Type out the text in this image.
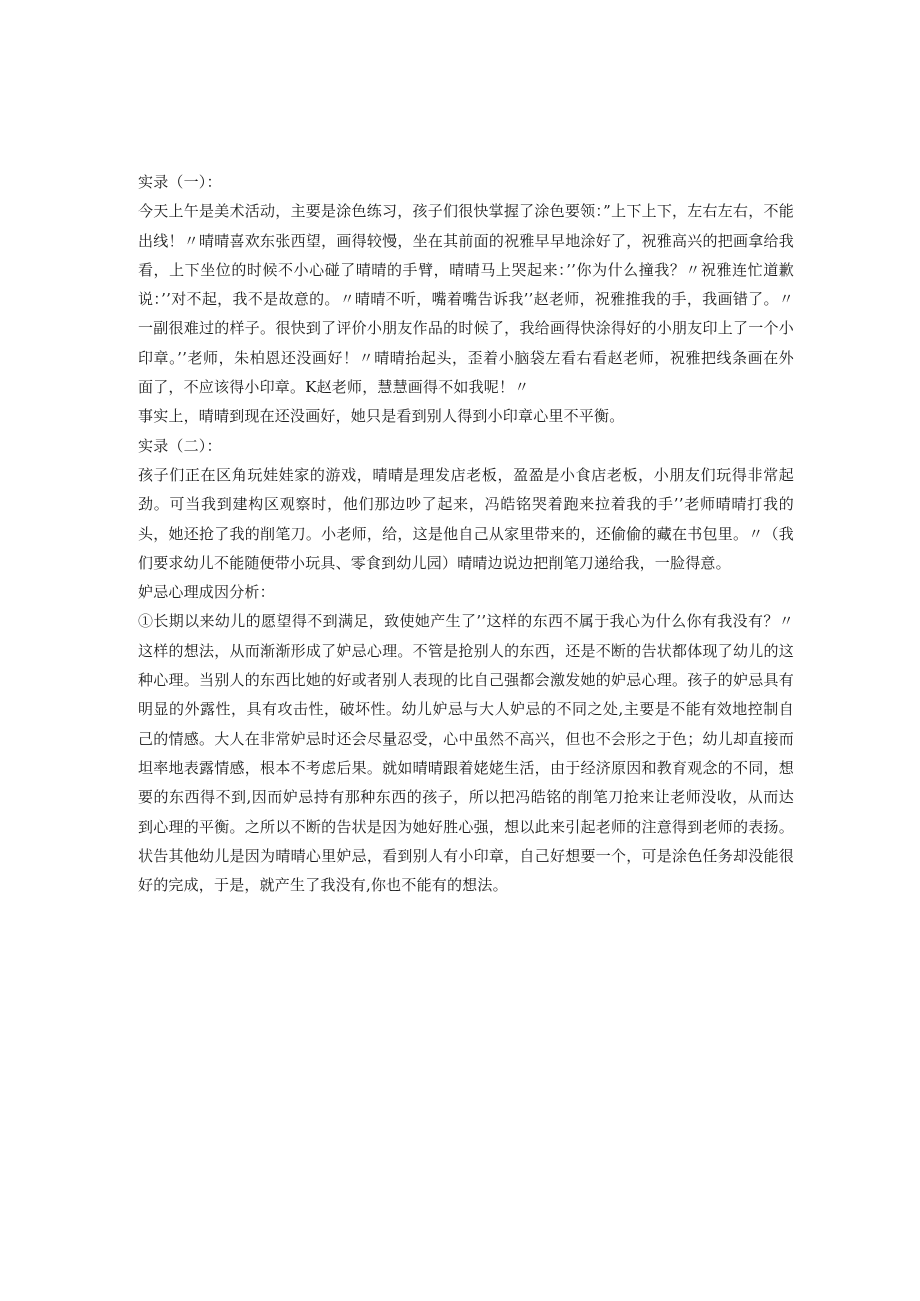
实录（一）：

今天上午是美术活动，主要是涂色练习，孩子们很快掌握了涂色要领：”上下上下，左右左右，不能出线！〃晴晴喜欢东张西望，画得较慢，坐在其前面的祝雅早早地涂好了，祝雅高兴的把画拿给我看，上下坐位的时候不小心碰了晴晴的手臂，晴晴马上哭起来：’’你为什么撞我？〃祝雅连忙道歉说：’’对不起，我不是故意的。〃晴晴不听，嘴着嘴告诉我’’赵老师，祝雅推我的手，我画错了。〃一副很难过的样子。很快到了评价小朋友作品的时候了，我给画得快涂得好的小朋友印上了一个小印章。’’老师，朱柏恩还没画好！〃晴晴抬起头，歪着小脑袋左看右看赵老师，祝雅把线条画在外面了，不应该得小印章。K赵老师，慧慧画得不如我呢！〃

事实上，晴晴到现在还没画好，她只是看到别人得到小印章心里不平衡。

实录（二）：

孩子们正在区角玩娃娃家的游戏，晴晴是理发店老板，盈盈是小食店老板，小朋友们玩得非常起劲。可当我到建构区观察时，他们那边吵了起来，冯皓铭哭着跑来拉着我的手’’老师晴晴打我的头，她还抢了我的削笔刀。小老师，给，这是他自己从家里带来的，还偷偷的藏在书包里。〃（我们要求幼儿不能随便带小玩具、零食到幼儿园）晴晴边说边把削笔刀递给我，一脸得意。

妒忌心理成因分析：

①长期以来幼儿的愿望得不到满足，致使她产生了’’这样的东西不属于我心为什么你有我没有？〃这样的想法，从而渐渐形成了妒忌心理。不管是抢别人的东西，还是不断的告状都体现了幼儿的这种心理。当别人的东西比她的好或者别人表现的比自己强都会激发她的妒忌心理。孩子的妒忌具有明显的外露性，具有攻击性，破坏性。幼儿妒忌与大人妒忌的不同之处,主要是不能有效地控制自己的情感。大人在非常妒忌时还会尽量忍受，心中虽然不高兴，但也不会形之于色；幼儿却直接而坦率地表露情感，根本不考虑后果。就如晴晴跟着姥姥生活，由于经济原因和教育观念的不同，想要的东西得不到,因而妒忌持有那种东西的孩子，所以把冯皓铭的削笔刀抢来让老师没收，从而达到心理的平衡。之所以不断的告状是因为她好胜心强，想以此来引起老师的注意得到老师的表扬。状告其他幼儿是因为晴晴心里妒忌，看到别人有小印章，自己好想要一个，可是涂色任务却没能很好的完成，于是，就产生了我没有,你也不能有的想法。
